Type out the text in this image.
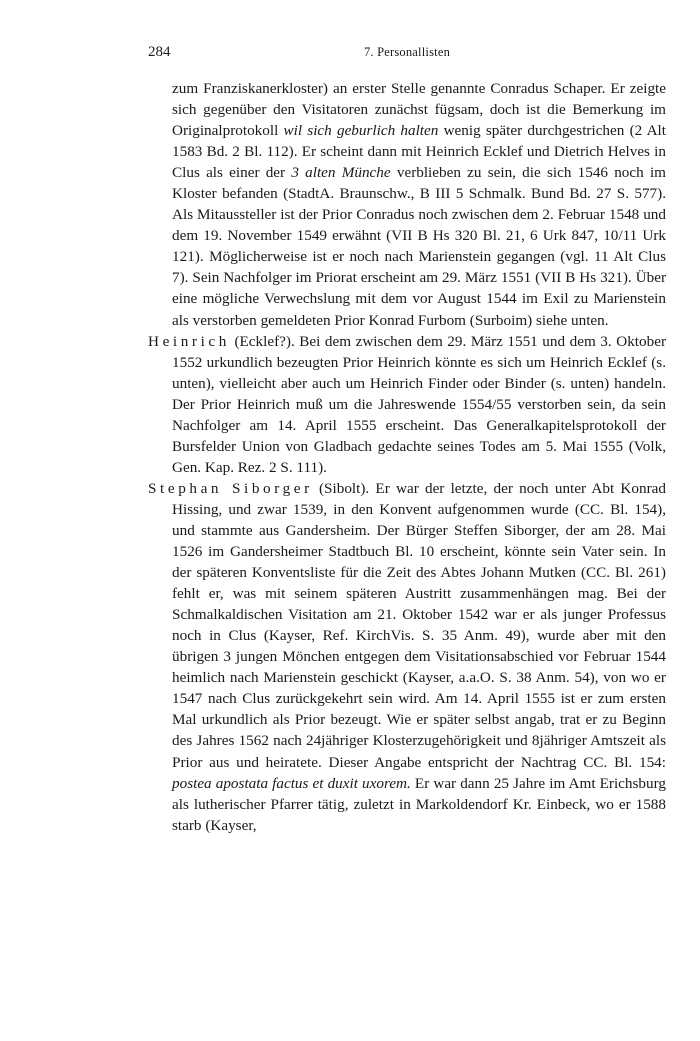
284	7. Personallisten

zum Franziskanerkloster) an erster Stelle genannte Conradus Schaper. Er zeigte sich gegenüber den Visitatoren zunächst fügsam, doch ist die Bemerkung im Originalprotokoll wil sich geburlich halten wenig später durchgestrichen (2 Alt 1583 Bd. 2 Bl. 112). Er scheint dann mit Heinrich Ecklef und Dietrich Helves in Clus als einer der 3 alten Münche verblieben zu sein, die sich 1546 noch im Kloster befanden (StadtA. Braunschw., B III 5 Schmalk. Bund Bd. 27 S. 577). Als Mitaussteller ist der Prior Conradus noch zwischen dem 2. Februar 1548 und dem 19. November 1549 erwähnt (VII B Hs 320 Bl. 21, 6 Urk 847, 10/11 Urk 121). Möglicherweise ist er noch nach Marienstein gegangen (vgl. 11 Alt Clus 7). Sein Nachfolger im Priorat erscheint am 29. März 1551 (VII B Hs 321). Über eine mögliche Verwechslung mit dem vor August 1544 im Exil zu Marienstein als verstorben gemeldeten Prior Konrad Furbom (Surboim) siehe unten.

Heinrich (Ecklef?). Bei dem zwischen dem 29. März 1551 und dem 3. Oktober 1552 urkundlich bezeugten Prior Heinrich könnte es sich um Heinrich Ecklef (s. unten), vielleicht aber auch um Heinrich Finder oder Binder (s. unten) handeln. Der Prior Heinrich muß um die Jahreswende 1554/55 verstorben sein, da sein Nachfolger am 14. April 1555 erscheint. Das Generalkapitelsprotokoll der Bursfelder Union von Gladbach gedachte seines Todes am 5. Mai 1555 (Volk, Gen. Kap. Rez. 2 S. 111).

Stephan Siborger (Sibolt). Er war der letzte, der noch unter Abt Konrad Hissing, und zwar 1539, in den Konvent aufgenommen wurde (CC. Bl. 154), und stammte aus Gandersheim. Der Bürger Steffen Siborger, der am 28. Mai 1526 im Gandersheimer Stadtbuch Bl. 10 erscheint, könnte sein Vater sein. In der späteren Konventsliste für die Zeit des Abtes Johann Mutken (CC. Bl. 261) fehlt er, was mit seinem späteren Austritt zusammenhängen mag. Bei der Schmalkaldischen Visitation am 21. Oktober 1542 war er als junger Professus noch in Clus (Kayser, Ref. KirchVis. S. 35 Anm. 49), wurde aber mit den übrigen 3 jungen Mönchen entgegen dem Visitationsabschied vor Februar 1544 heimlich nach Marienstein geschickt (Kayser, a.a.O. S. 38 Anm. 54), von wo er 1547 nach Clus zurückgekehrt sein wird. Am 14. April 1555 ist er zum ersten Mal urkundlich als Prior bezeugt. Wie er später selbst angab, trat er zu Beginn des Jahres 1562 nach 24jähriger Klosterzugehörigkeit und 8jähriger Amtszeit als Prior aus und heiratete. Dieser Angabe entspricht der Nachtrag CC. Bl. 154: postea apostata factus et duxit uxorem. Er war dann 25 Jahre im Amt Erichsburg als lutherischer Pfarrer tätig, zuletzt in Markoldendorf Kr. Einbeck, wo er 1588 starb (Kayser,
